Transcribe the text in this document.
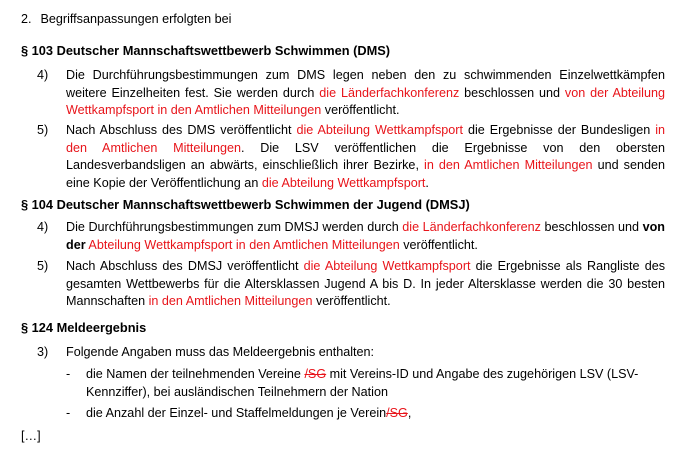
2. Begriffsanpassungen erfolgten bei
§ 103 Deutscher Mannschaftswettbewerb Schwimmen (DMS)
4)	Die Durchführungsbestimmungen zum DMS legen neben den zu schwimmenden Einzelwettkämpfen weitere Einzelheiten fest. Sie werden durch die Länderfachkonferenz beschlossen und von der Abteilung Wettkampfsport in den Amtlichen Mitteilungen veröffentlicht.
5)	Nach Abschluss des DMS veröffentlicht die Abteilung Wettkampfsport die Ergebnisse der Bundesligen in den Amtlichen Mitteilungen. Die LSV veröffentlichen die Ergebnisse von den obersten Landesverbandsligen an abwärts, einschließlich ihrer Bezirke, in den Amtlichen Mitteilungen und senden eine Kopie der Veröffentlichung an die Abteilung Wettkampfsport.
§ 104 Deutscher Mannschaftswettbewerb Schwimmen der Jugend (DMSJ)
4)	Die Durchführungsbestimmungen zum DMSJ werden durch die Länderfachkonferenz beschlossen und von der Abteilung Wettkampfsport in den Amtlichen Mitteilungen veröffentlicht.
5)	Nach Abschluss des DMSJ veröffentlicht die Abteilung Wettkampfsport die Ergebnisse als Rangliste des gesamten Wettbewerbs für die Altersklassen Jugend A bis D. In jeder Altersklasse werden die 30 besten Mannschaften in den Amtlichen Mitteilungen veröffentlicht.
§ 124 Meldeergebnis
3)	Folgende Angaben muss das Meldeergebnis enthalten:
- die Namen der teilnehmenden Vereine /SG mit Vereins-ID und Angabe des zugehörigen LSV (LSV-Kennziffer), bei ausländischen Teilnehmern der Nation
- die Anzahl der Einzel- und Staffelmeldungen je Verein/SG,
[…]
